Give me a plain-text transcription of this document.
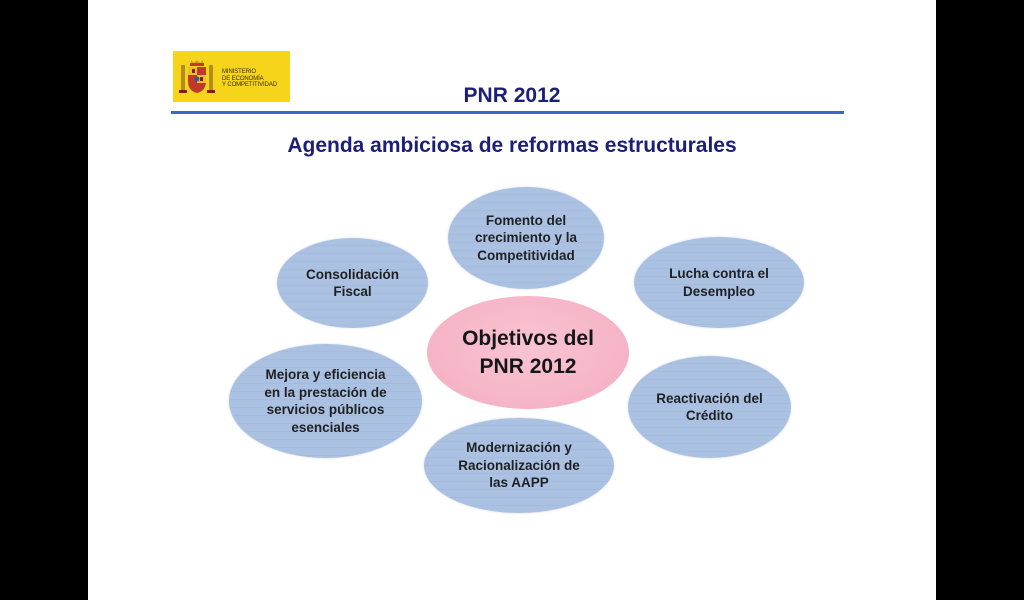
MINISTERIO
DE ECONOMÍA
Y COMPETITIVIDAD	PNR 2012
Agenda ambiciosa de reformas estructurales
Fomento del
crecimiento y la
Competitividad
Consolidación
Fiscal
Lucha contra el
Desempleo
Mejora y eficiencia
en la prestación de
servicios públicos
esenciales
Reactivación del
Crédito
Modernización y
Racionalización de
las AAPP
Objetivos del
PNR 2012
